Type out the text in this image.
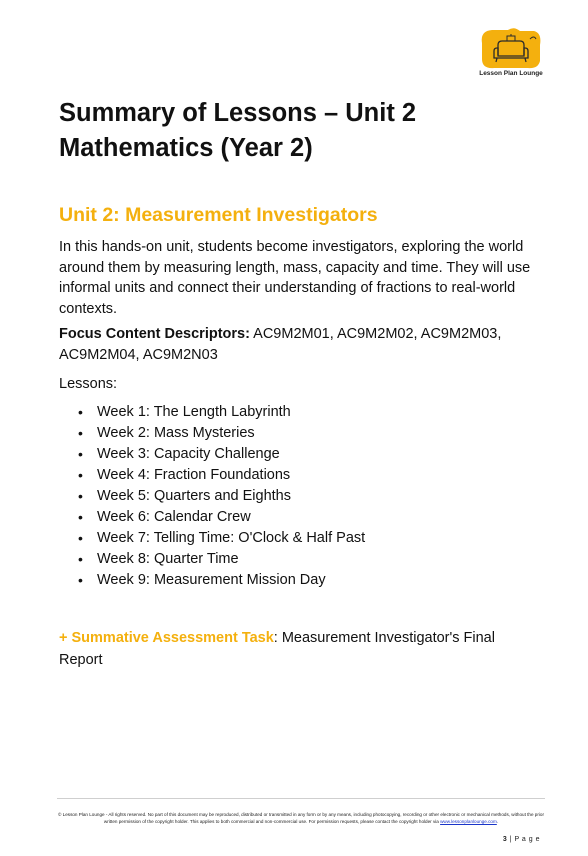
Lesson Plan Lounge
Summary of Lessons – Unit 2
Mathematics (Year 2)
Unit 2: Measurement Investigators

In this hands-on unit, students become investigators, exploring the world around them by measuring length, mass, capacity and time. They will use informal units and connect their understanding of fractions to real-world contexts.

Focus Content Descriptors: AC9M2M01, AC9M2M02, AC9M2M03, AC9M2M04, AC9M2N03

Lessons:

• Week 1: The Length Labyrinth
• Week 2: Mass Mysteries
• Week 3: Capacity Challenge
• Week 4: Fraction Foundations
• Week 5: Quarters and Eighths
• Week 6: Calendar Crew
• Week 7: Telling Time: O'Clock & Half Past
• Week 8: Quarter Time
• Week 9: Measurement Mission Day

+ Summative Assessment Task: Measurement Investigator's Final Report

© Lesson Plan Lounge - All rights reserved. No part of this document may be reproduced, distributed or transmitted in any form or by any means, including photocopying, recording or other electronic or mechanical methods, without the prior written permission of the copyright holder. This applies to both commercial and non-commercial use. For permission requests, please contact the copyright holder via www.lessonplanlounge.com.

3 | P a g e
